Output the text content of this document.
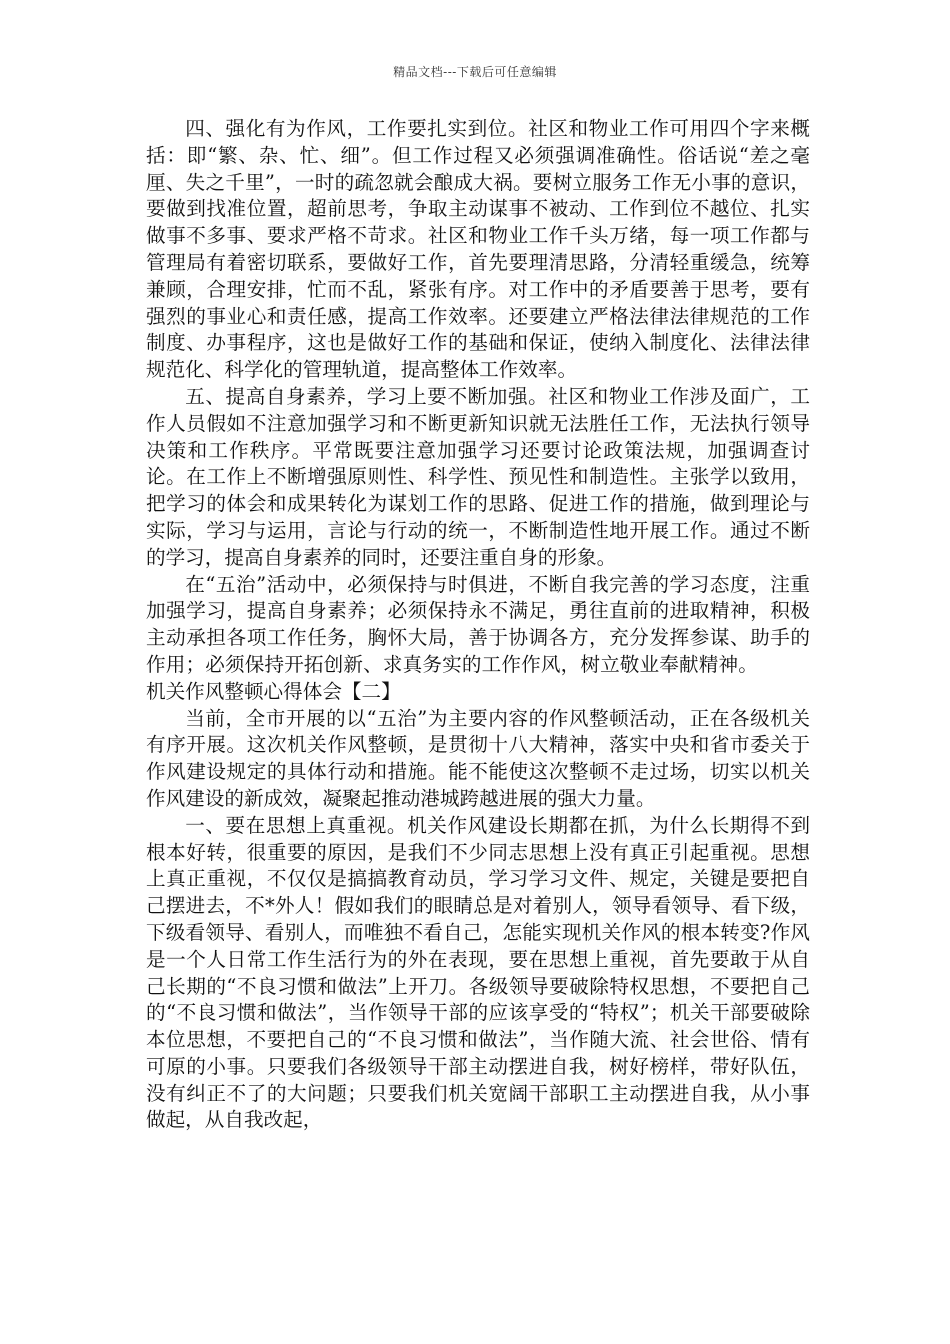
精品文档---下载后可任意编辑

四、强化有为作风，工作要扎实到位。社区和物业工作可用四个字来概括：即“繁、杂、忙、细”。但工作过程又必须强调准确性。俗话说“差之毫厘、失之千里”，一时的疏忽就会酿成大祸。要树立服务工作无小事的意识，要做到找准位置，超前思考，争取主动谋事不被动、工作到位不越位、扎实做事不多事、要求严格不苛求。社区和物业工作千头万绪，每一项工作都与管理局有着密切联系，要做好工作，首先要理清思路，分清轻重缓急，统筹兼顾，合理安排，忙而不乱，紧张有序。对工作中的矛盾要善于思考，要有强烈的事业心和责任感，提高工作效率。还要建立严格法律法律规范的工作制度、办事程序，这也是做好工作的基础和保证，使纳入制度化、法律法律规范化、科学化的管理轨道，提高整体工作效率。

五、提高自身素养，学习上要不断加强。社区和物业工作涉及面广，工作人员假如不注意加强学习和不断更新知识就无法胜任工作，无法执行领导决策和工作秩序。平常既要注意加强学习还要讨论政策法规，加强调查讨论。在工作上不断增强原则性、科学性、预见性和制造性。主张学以致用，把学习的体会和成果转化为谋划工作的思路、促进工作的措施，做到理论与实际，学习与运用，言论与行动的统一，不断制造性地开展工作。通过不断的学习，提高自身素养的同时，还要注重自身的形象。

在“五治”活动中，必须保持与时俱进，不断自我完善的学习态度，注重加强学习，提高自身素养；必须保持永不满足，勇往直前的进取精神，积极主动承担各项工作任务，胸怀大局，善于协调各方，充分发挥参谋、助手的作用；必须保持开拓创新、求真务实的工作作风，树立敬业奉献精神。机关作风整顿心得体会【二】

当前，全市开展的以“五治”为主要内容的作风整顿活动，正在各级机关有序开展。这次机关作风整顿，是贯彻十八大精神，落实中央和省市委关于作风建设规定的具体行动和措施。能不能使这次整顿不走过场，切实以机关作风建设的新成效，凝聚起推动港城跨越进展的强大力量。

一、要在思想上真重视。机关作风建设长期都在抓，为什么长期得不到根本好转，很重要的原因，是我们不少同志思想上没有真正引起重视。思想上真正重视，不仅仅是搞搞教育动员，学习学习文件、规定，关键是要把自己摆进去，不*外人！假如我们的眼睛总是对着别人，领导看领导、看下级，下级看领导、看别人，而唯独不看自己，怎能实现机关作风的根本转变?作风是一个人日常工作生活行为的外在表现，要在思想上重视，首先要敢于从自己长期的“不良习惯和做法”上开刀。各级领导要破除特权思想，不要把自己的“不良习惯和做法”，当作领导干部的应该享受的“特权”；机关干部要破除本位思想，不要把自己的“不良习惯和做法”，当作随大流、社会世俗、情有可原的小事。只要我们各级领导干部主动摆进自我，树好榜样，带好队伍，没有纠正不了的大问题；只要我们机关宽阔干部职工主动摆进自我，从小事做起，从自我改起，
